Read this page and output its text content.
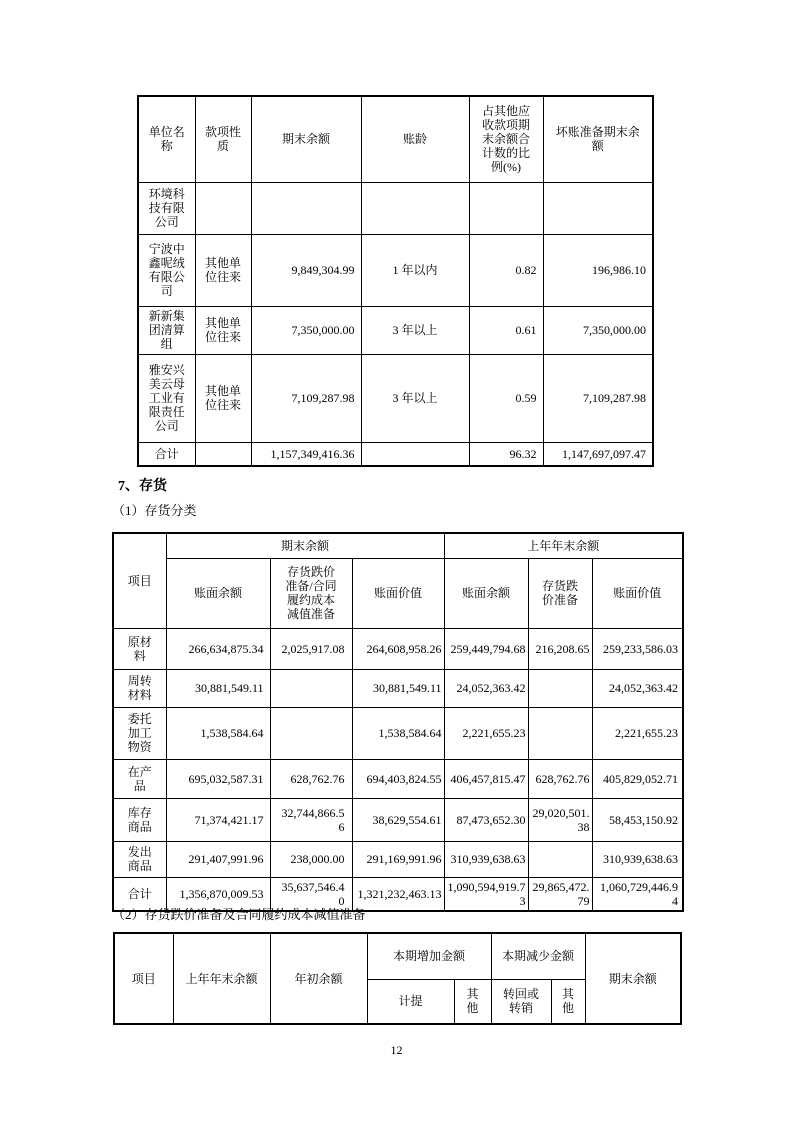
单位名称	款项性质	期末余额	账龄	占其他应收款项期末余额合计数的比例(%)	坏账准备期末余额
环境科技有限公司					
宁波中鑫呢绒有限公司	其他单位往来	9,849,304.99	1 年以内	0.82	196,986.10
新新集团清算组	其他单位往来	7,350,000.00	3 年以上	0.61	7,350,000.00
雅安兴美云母工业有限责任公司	其他单位往来	7,109,287.98	3 年以上	0.59	7,109,287.98
合计		1,157,349,416.36		96.32	1,147,697,097.47
7、存货
（1）存货分类
项目	期末余额			上年年末余额		
	账面余额	存货跌价准备/合同履约成本减值准备	账面价值	账面余额	存货跌价准备	账面价值
原材料	266,634,875.34	2,025,917.08	264,608,958.26	259,449,794.68	216,208.65	259,233,586.03
周转材料	30,881,549.11		30,881,549.11	24,052,363.42		24,052,363.42
委托加工物资	1,538,584.64		1,538,584.64	2,221,655.23		2,221,655.23
在产品	695,032,587.31	628,762.76	694,403,824.55	406,457,815.47	628,762.76	405,829,052.71
库存商品	71,374,421.17	32,744,866.56	38,629,554.61	87,473,652.30	29,020,501.38	58,453,150.92
发出商品	291,407,991.96	238,000.00	291,169,991.96	310,939,638.63		310,939,638.63
合计	1,356,870,009.53	35,637,546.40	1,321,232,463.13	1,090,594,919.73	29,865,472.79	1,060,729,446.94
（2）存货跌价准备及合同履约成本减值准备
项目	上年年末余额	年初余额	本期增加金额		本期减少金额		期末余额
			计提	其他	转回或转销	其他	
12
